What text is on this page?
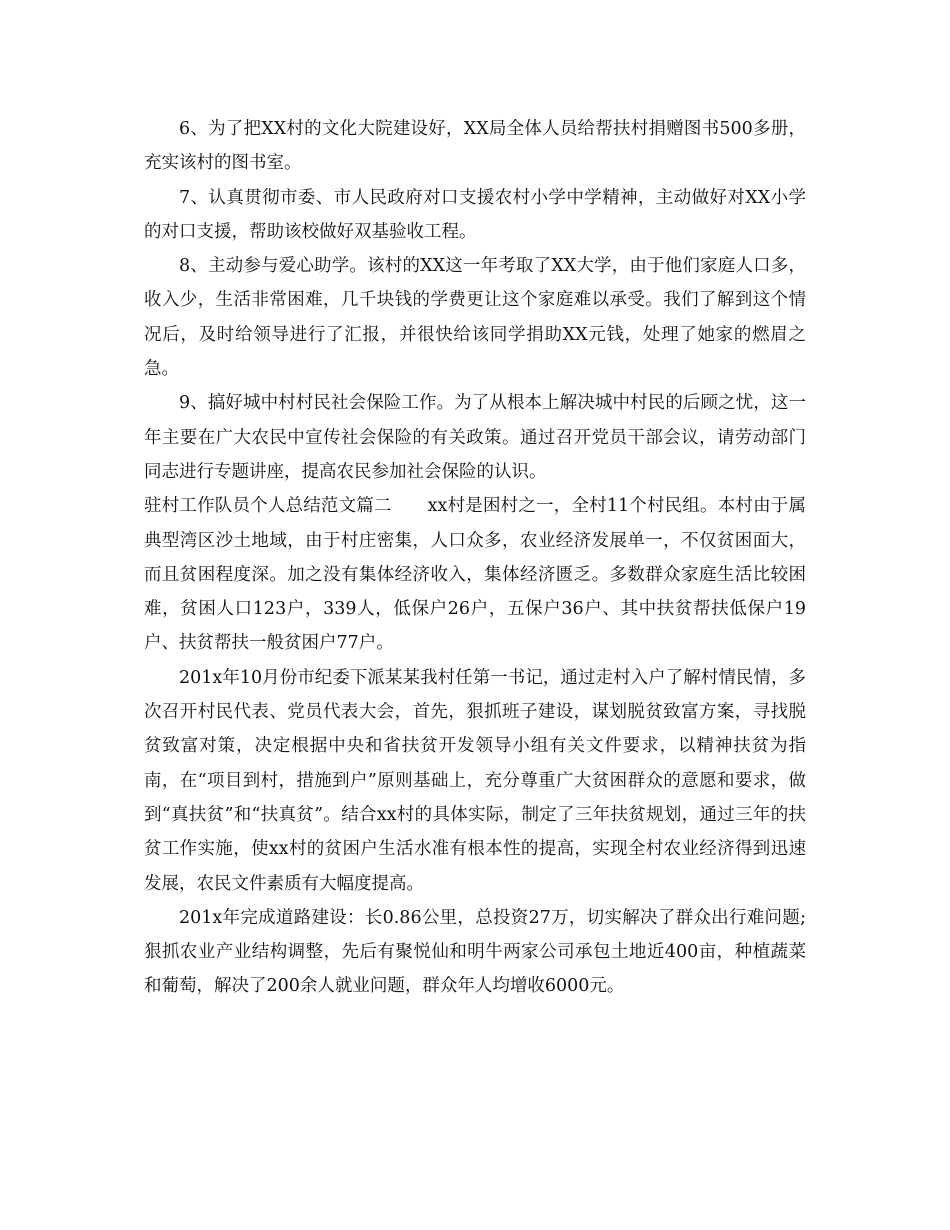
6、为了把XX村的文化大院建设好，XX局全体人员给帮扶村捐赠图书500多册，充实该村的图书室。

7、认真贯彻市委、市人民政府对口支援农村小学中学精神，主动做好对XX小学的对口支援，帮助该校做好双基验收工程。

8、主动参与爱心助学。该村的XX这一年考取了XX大学，由于他们家庭人口多，收入少，生活非常困难，几千块钱的学费更让这个家庭难以承受。我们了解到这个情况后，及时给领导进行了汇报，并很快给该同学捐助XX元钱，处理了她家的燃眉之急。

9、搞好城中村村民社会保险工作。为了从根本上解决城中村民的后顾之忧，这一年主要在广大农民中宣传社会保险的有关政策。通过召开党员干部会议，请劳动部门同志进行专题讲座，提高农民参加社会保险的认识。

驻村工作队员个人总结范文篇二 xx村是困村之一，全村11个村民组。本村由于属典型湾区沙土地域，由于村庄密集，人口众多，农业经济发展单一，不仅贫困面大，而且贫困程度深。加之没有集体经济收入，集体经济匮乏。多数群众家庭生活比较困难，贫困人口123户，339人，低保户26户，五保户36户、其中扶贫帮扶低保户19户、扶贫帮扶一般贫困户77户。

201x年10月份市纪委下派某某我村任第一书记，通过走村入户了解村情民情，多次召开村民代表、党员代表大会，首先，狠抓班子建设，谋划脱贫致富方案，寻找脱贫致富对策，决定根据中央和省扶贫开发领导小组有关文件要求，以精神扶贫为指南，在“项目到村，措施到户”原则基础上，充分尊重广大贫困群众的意愿和要求，做到“真扶贫”和“扶真贫”。结合xx村的具体实际，制定了三年扶贫规划，通过三年的扶贫工作实施，使xx村的贫困户生活水准有根本性的提高，实现全村农业经济得到迅速发展，农民文件素质有大幅度提高。

201x年完成道路建设：长0.86公里，总投资27万，切实解决了群众出行难问题;狠抓农业产业结构调整，先后有聚悦仙和明牛两家公司承包土地近400亩，种植蔬菜和葡萄，解决了200余人就业问题，群众年人均增收6000元。
